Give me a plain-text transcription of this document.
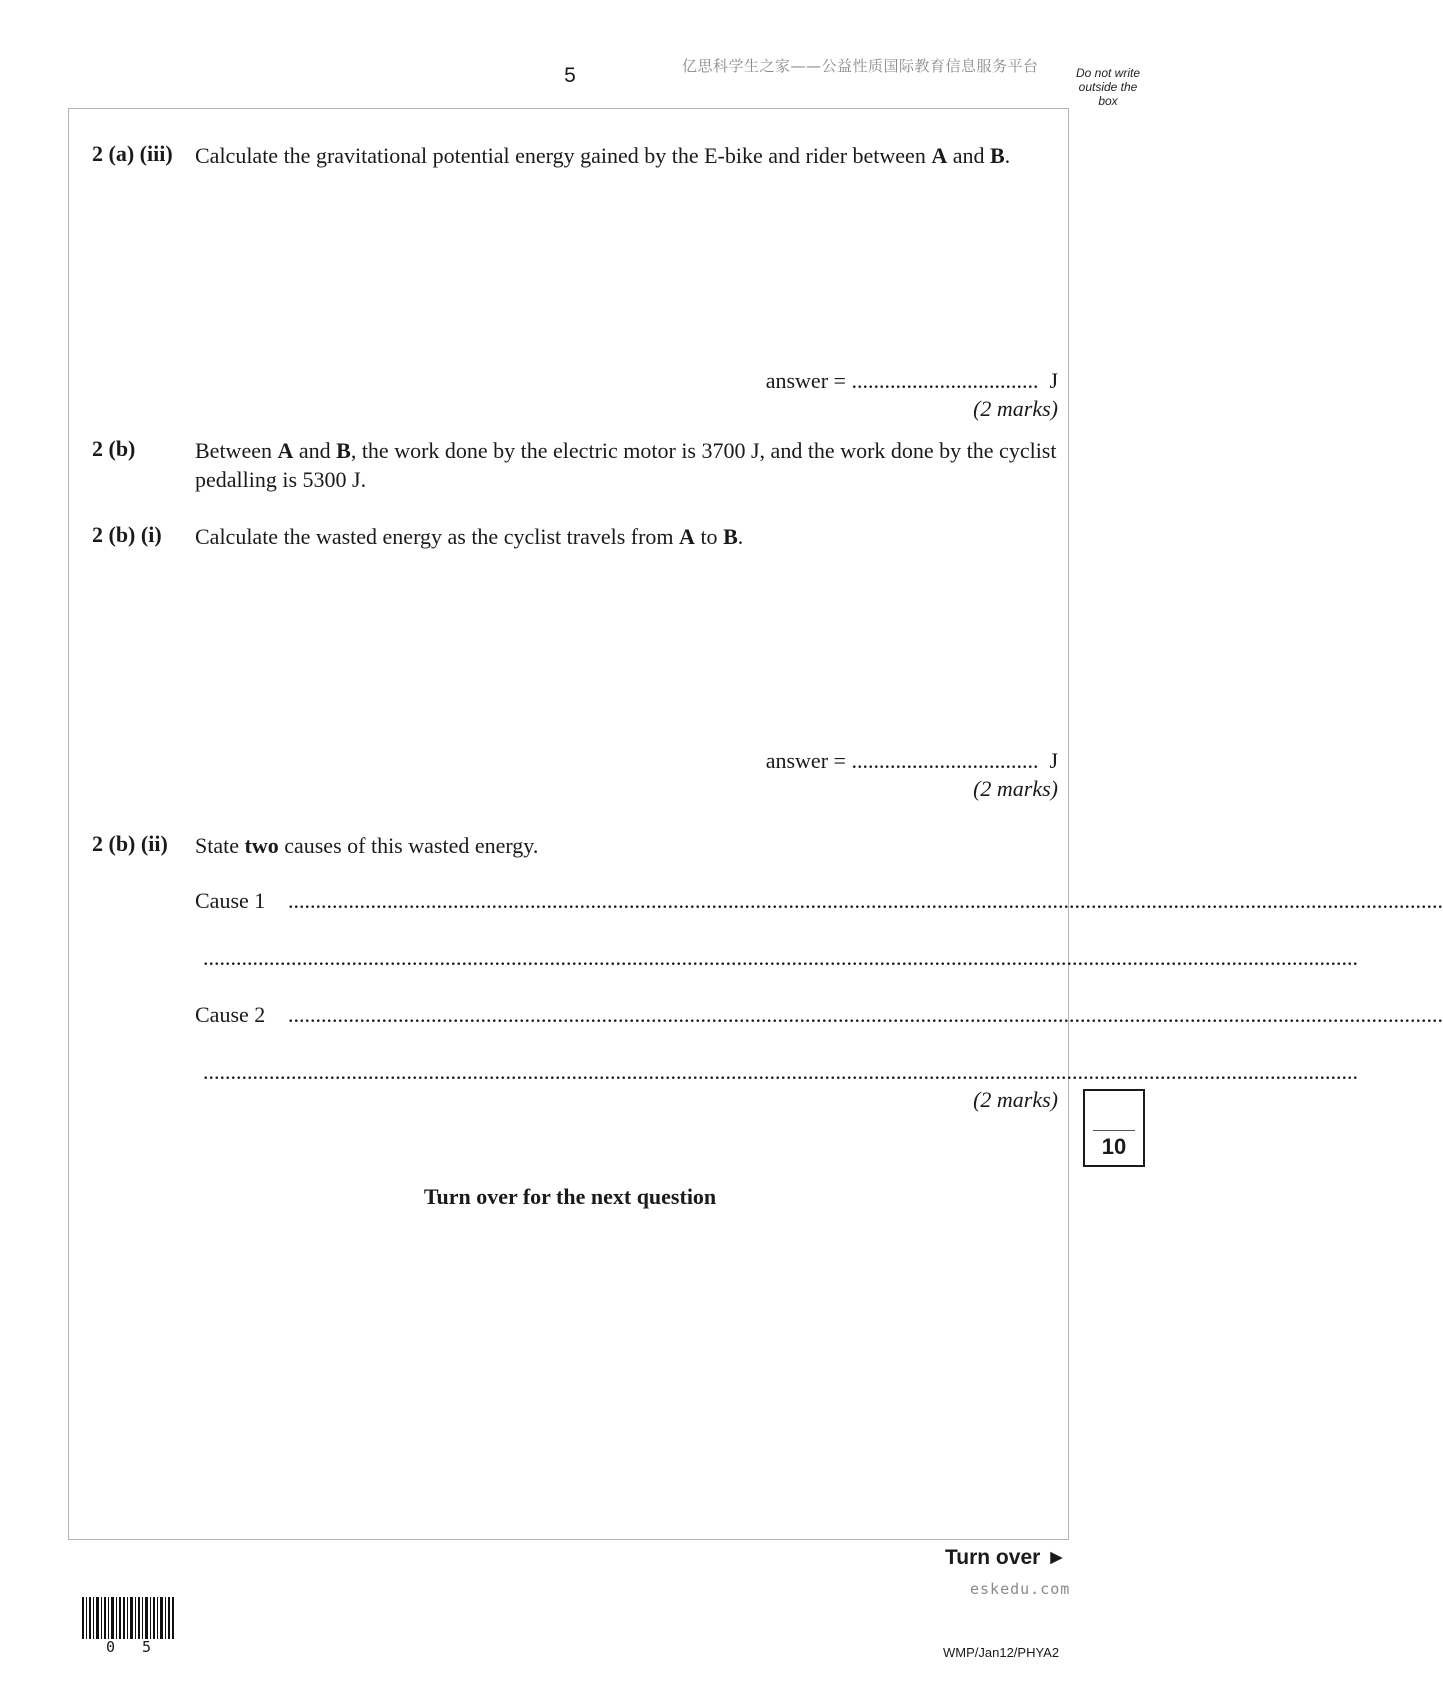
5	亿思科学生之家——公益性质国际教育信息服务平台	Do not write
outside the
box
2 (a) (iii) Calculate the gravitational potential energy gained by the E-bike and rider between A and B.
answer = .................................. J
(2 marks)
2 (b)	Between A and B, the work done by the electric motor is 3700 J, and the work done by the cyclist pedalling is 5300 J.
2 (b) (i) Calculate the wasted energy as the cyclist travels from A to B.
answer = .................................. J
(2 marks)
2 (b) (ii) State two causes of this wasted energy.
Cause 1 ..................................................................................................................................................................................................................
..................................................................................................................................................................................................................
Cause 2 ..................................................................................................................................................................................................................
..................................................................................................................................................................................................................
(2 marks)
10
Turn over for the next question
Turn over ►
eskedu.com
0 5	WMP/Jan12/PHYA2
